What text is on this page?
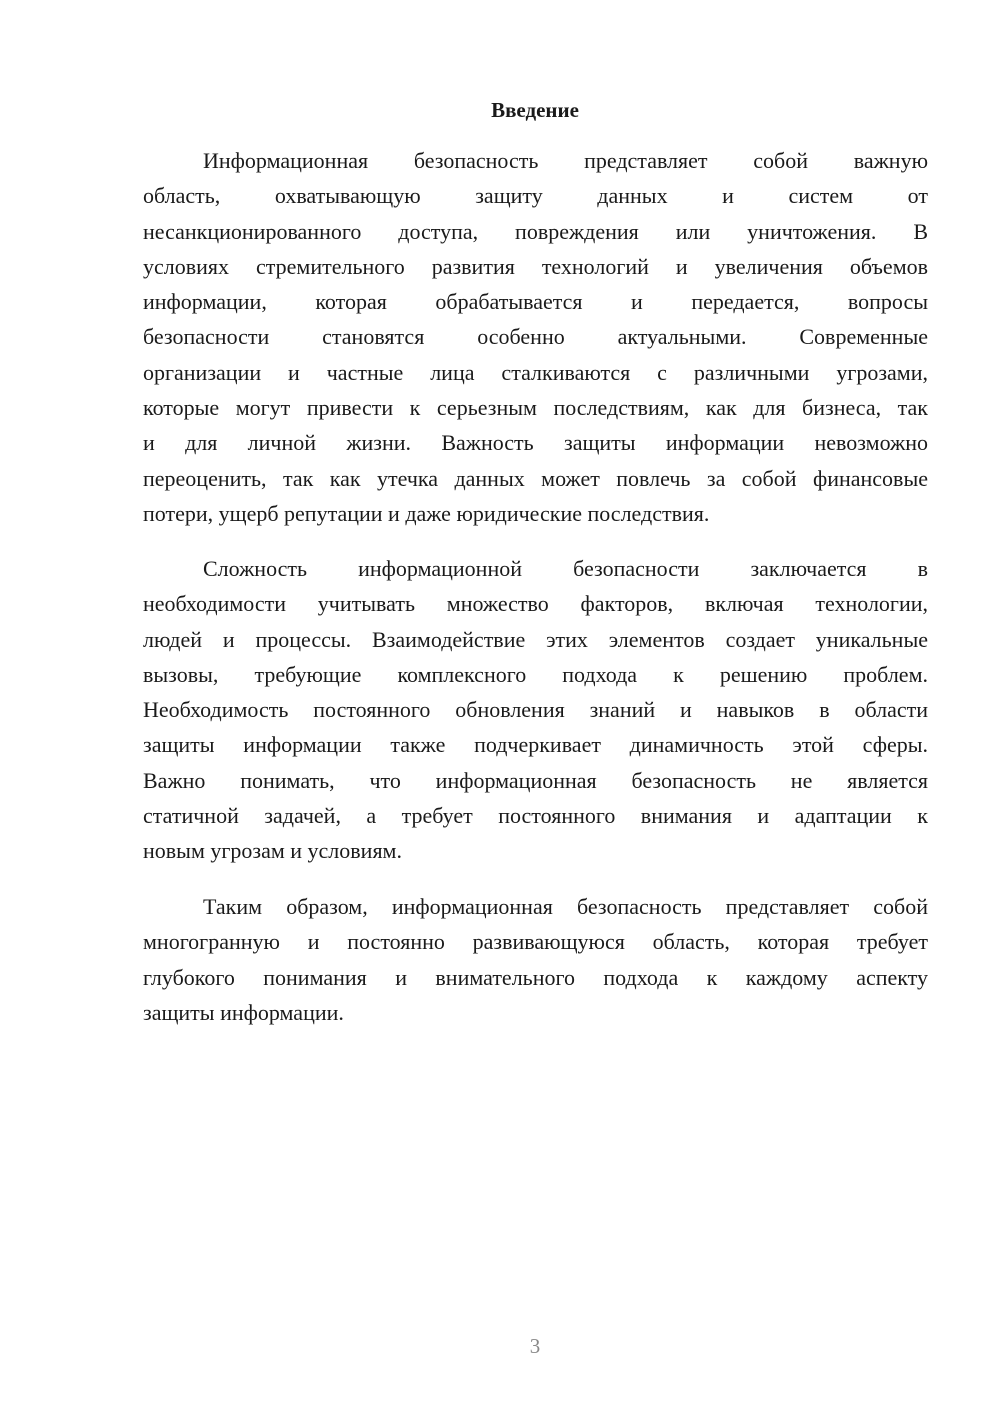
Введение
Информационная безопасность представляет собой важную
область, охватывающую защиту данных и систем от
несанкционированного доступа, повреждения или уничтожения. В
условиях стремительного развития технологий и увеличения объемов
информации, которая обрабатывается и передается, вопросы
безопасности становятся особенно актуальными. Современные
организации и частные лица сталкиваются с различными угрозами,
которые могут привести к серьезным последствиям, как для бизнеса, так
и для личной жизни. Важность защиты информации невозможно
переоценить, так как утечка данных может повлечь за собой финансовые
потери, ущерб репутации и даже юридические последствия.
Сложность информационной безопасности заключается в
необходимости учитывать множество факторов, включая технологии,
людей и процессы. Взаимодействие этих элементов создает уникальные
вызовы, требующие комплексного подхода к решению проблем.
Необходимость постоянного обновления знаний и навыков в области
защиты информации также подчеркивает динамичность этой сферы.
Важно понимать, что информационная безопасность не является
статичной задачей, а требует постоянного внимания и адаптации к
новым угрозам и условиям.
Таким образом, информационная безопасность представляет собой
многогранную и постоянно развивающуюся область, которая требует
глубокого понимания и внимательного подхода к каждому аспекту
защиты информации.
3
